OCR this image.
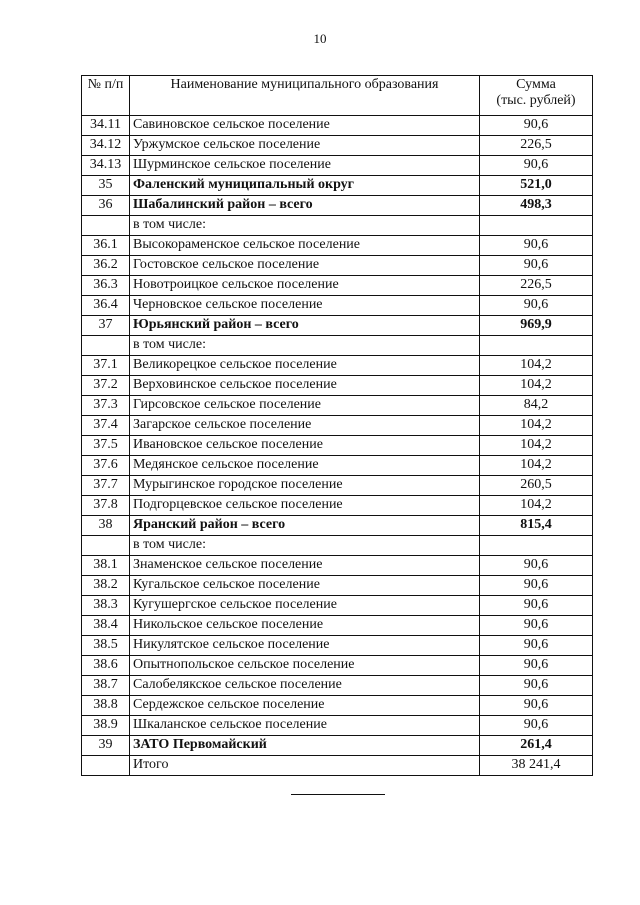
10
№ п/п	Наименование муниципального образования	Сумма
(тыс. рублей)

34.11	Савиновское сельское поселение	90,6
34.12	Уржумское сельское поселение	226,5
34.13	Шурминское сельское поселение	90,6
35	Фаленский муниципальный округ	521,0
36	Шабалинский район – всего	498,3
	в том числе:	
36.1	Высокораменское сельское поселение	90,6
36.2	Гостовское сельское поселение	90,6
36.3	Новотроицкое сельское поселение	226,5
36.4	Черновское сельское поселение	90,6
37	Юрьянский район – всего	969,9
	в том числе:	
37.1	Великорецкое сельское поселение	104,2
37.2	Верховинское сельское поселение	104,2
37.3	Гирсовское сельское поселение	84,2
37.4	Загарское сельское поселение	104,2
37.5	Ивановское сельское поселение	104,2
37.6	Медянское сельское поселение	104,2
37.7	Мурыгинское городское поселение	260,5
37.8	Подгорцевское сельское поселение	104,2
38	Яранский район – всего	815,4
	в том числе:	
38.1	Знаменское сельское поселение	90,6
38.2	Кугальское сельское поселение	90,6
38.3	Кугушергское сельское поселение	90,6
38.4	Никольское сельское поселение	90,6
38.5	Никулятское сельское поселение	90,6
38.6	Опытнопольское сельское поселение	90,6
38.7	Салобелякское сельское поселение	90,6
38.8	Сердежское сельское поселение	90,6
38.9	Шкаланское сельское поселение	90,6
39	ЗАТО Первомайский	261,4
	Итого	38 241,4
